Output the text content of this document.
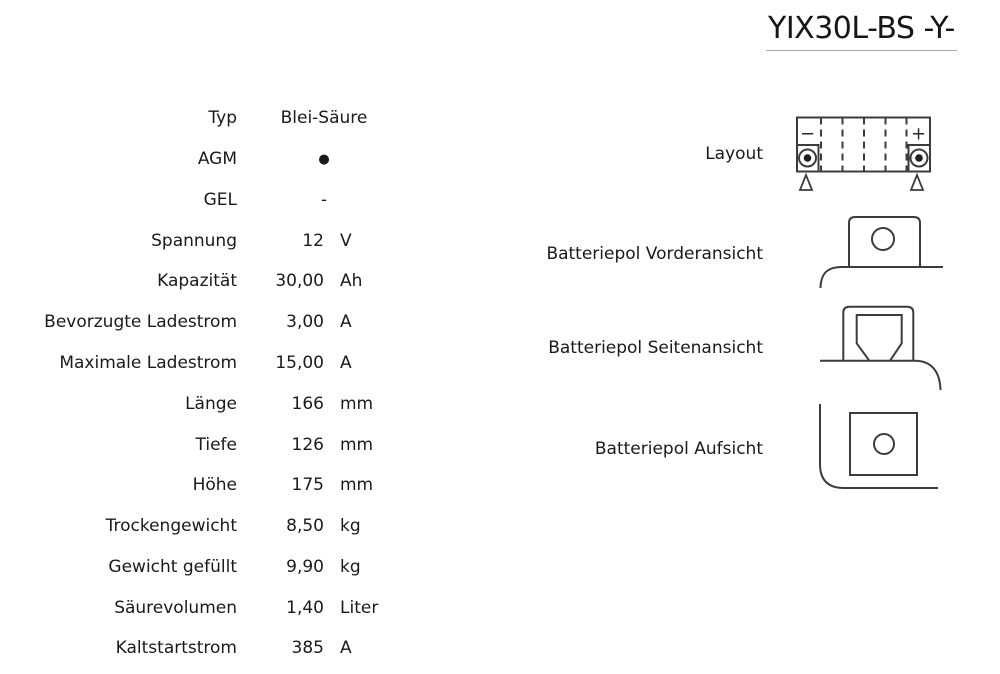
YIX30L-BS -Y-
Typ	Blei-Säure
AGM	●
GEL	-
Spannung	12 V
Kapazität	30,00 Ah
Bevorzugte Ladestrom	3,00 A
Maximale Ladestrom	15,00 A
Länge	166 mm
Tiefe	126 mm
Höhe	175 mm
Trockengewicht	8,50 kg
Gewicht gefüllt	9,90 kg
Säurevolumen	1,40 Liter
Kaltstartstrom	385 A
Layout
Batteriepol Vorderansicht
Batteriepol Seitenansicht
Batteriepol Aufsicht
−	+
